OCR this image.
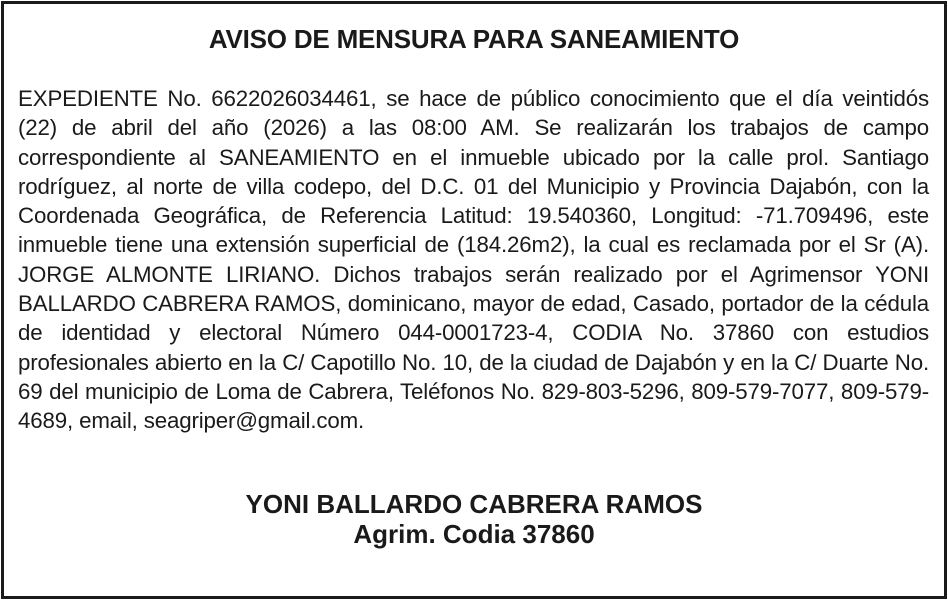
AVISO DE MENSURA PARA SANEAMIENTO
EXPEDIENTE No. 6622026034461, se hace de público conocimiento que el día veintidós (22) de abril del año (2026) a las 08:00 AM. Se realizarán los trabajos de campo correspondiente al SANEAMIENTO en el inmueble ubicado por la calle prol. Santiago rodríguez, al norte de villa codepo, del D.C. 01 del Municipio y Provincia Dajabón, con la Coordenada Geográfica, de Referencia Latitud: 19.540360, Longitud: -71.709496, este inmueble tiene una extensión superficial de (184.26m2), la cual es reclamada por el Sr (A). JORGE ALMONTE LIRIANO. Dichos trabajos serán realizado por el Agrimensor YONI BALLARDO CABRERA RAMOS, dominicano, mayor de edad, Casado, portador de la cédula de identidad y electoral Número 044-0001723-4, CODIA No. 37860 con estudios profesionales abierto en la C/ Capotillo No. 10, de la ciudad de Dajabón y en la C/ Duarte No. 69 del municipio de Loma de Cabrera, Teléfonos No. 829-803-5296, 809-579-7077, 809-579-4689, email, seagriper@gmail.com.
YONI BALLARDO CABRERA RAMOS
Agrim. Codia 37860
